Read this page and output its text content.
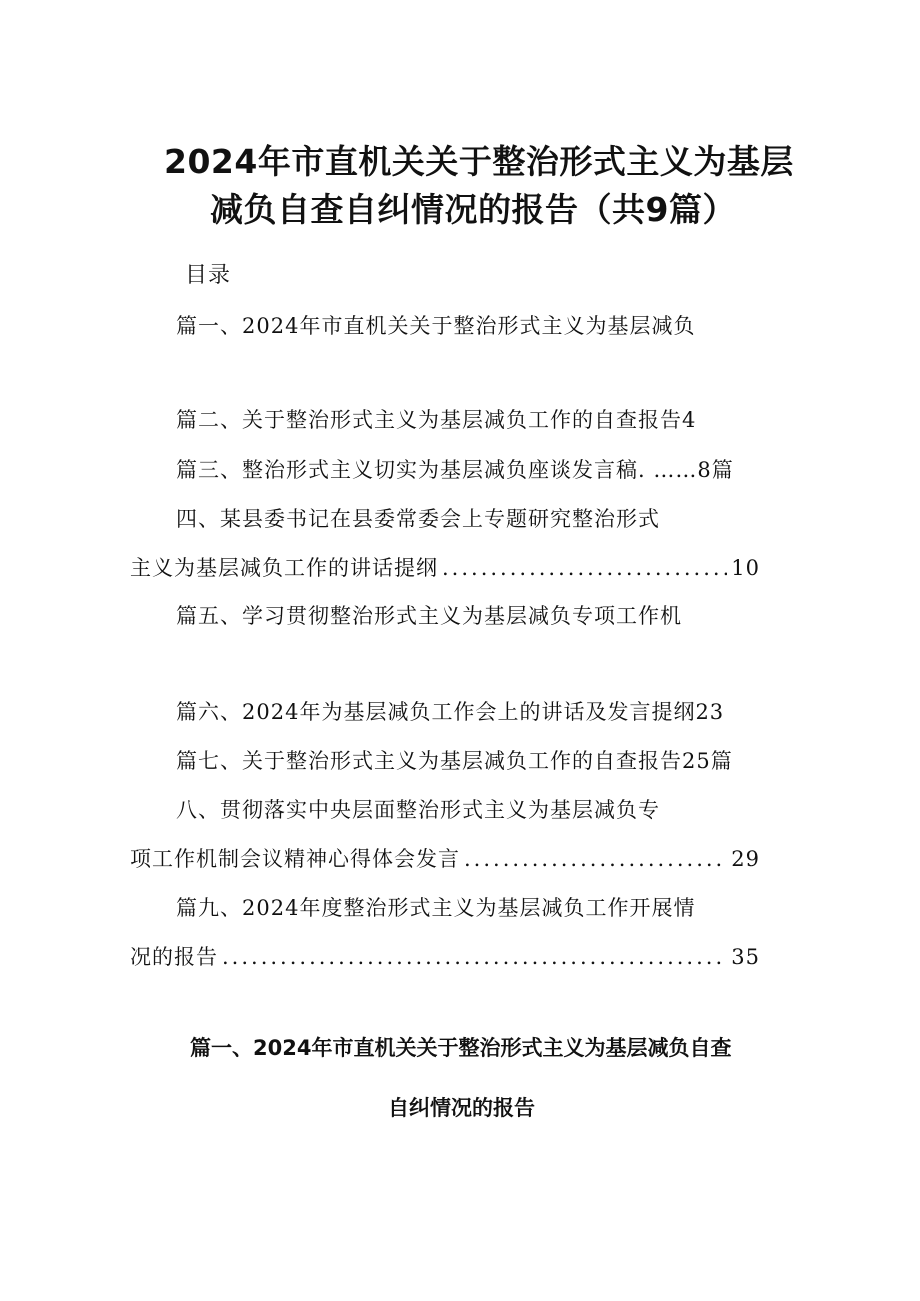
2024年市直机关关于整治形式主义为基层
减负自查自纠情况的报告（共9篇）
目录
篇一、2024年市直机关关于整治形式主义为基层减负
篇二、关于整治形式主义为基层减负工作的自查报告4
篇三、整治形式主义切实为基层减负座谈发言稿. ……8篇
四、某县委书记在县委常委会上专题研究整治形式
主义为基层减负工作的讲话提纲 .....	10
篇五、学习贯彻整治形式主义为基层减负专项工作机
篇六、2024年为基层减负工作会上的讲话及发言提纲23
篇七、关于整治形式主义为基层减负工作的自查报告25篇
八、贯彻落实中央层面整治形式主义为基层减负专
项工作机制会议精神心得体会发言 .....	29
篇九、2024年度整治形式主义为基层减负工作开展情
况的报告 .....	35
篇一、2024年市直机关关于整治形式主义为基层减负自查
自纠情况的报告
